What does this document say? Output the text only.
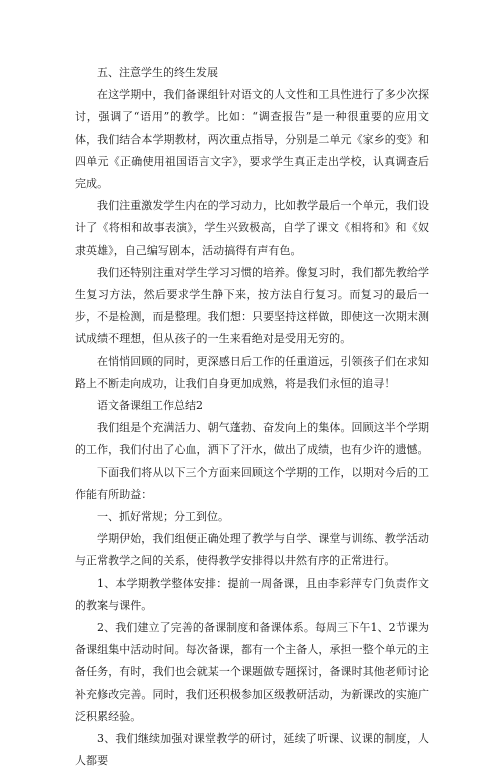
五、注意学生的终生发展

在这学期中，我们备课组针对语文的人文性和工具性进行了多少次探讨，强调了“语用”的教学。比如：“调查报告”是一种很重要的应用文体，我们结合本学期教材，两次重点指导，分别是二单元《家乡的变》和四单元《正确使用祖国语言文字》，要求学生真正走出学校，认真调查后完成。

我们注重激发学生内在的学习动力，比如教学最后一个单元，我们设计了《将相和故事表演》，学生兴致极高，自学了课文《相将和》和《奴隶英雄》，自己编写剧本，活动搞得有声有色。

我们还特别注重对学生学习习惯的培养。像复习时，我们都先教给学生复习方法，然后要求学生静下来，按方法自行复习。而复习的最后一步，不是检测，而是整理。我们想：只要坚持这样做，即使这一次期末测试成绩不理想，但从孩子的一生来看绝对是受用无穷的。

在悄悄回顾的同时，更深感日后工作的任重道远，引领孩子们在求知路上不断走向成功，让我们自身更加成熟，将是我们永恒的追寻！

语文备课组工作总结2

我们组是个充满活力、朝气蓬勃、奋发向上的集体。回顾这半个学期的工作，我们付出了心血，洒下了汗水，做出了成绩，也有少许的遗憾。

下面我们将从以下三个方面来回顾这个学期的工作，以期对今后的工作能有所助益：

一、抓好常规；分工到位。

学期伊始，我们组便正确处理了教学与自学、课堂与训练、教学活动与正常教学之间的关系，使得教学安排得以井然有序的正常进行。

1、本学期教学整体安排：提前一周备课，且由李彩萍专门负责作文的教案与课件。

2、我们建立了完善的备课制度和备课体系。每周三下午1、2节课为备课组集中活动时间。每次备课，都有一个主备人，承担一整个单元的主备任务，有时，我们也会就某一个课题做专题探讨，备课时其他老师讨论补充修改完善。同时，我们还积极参加区级教研活动，为新课改的实施广泛积累经验。

3、我们继续加强对课堂教学的研讨，延续了听课、议课的制度，人人都要
